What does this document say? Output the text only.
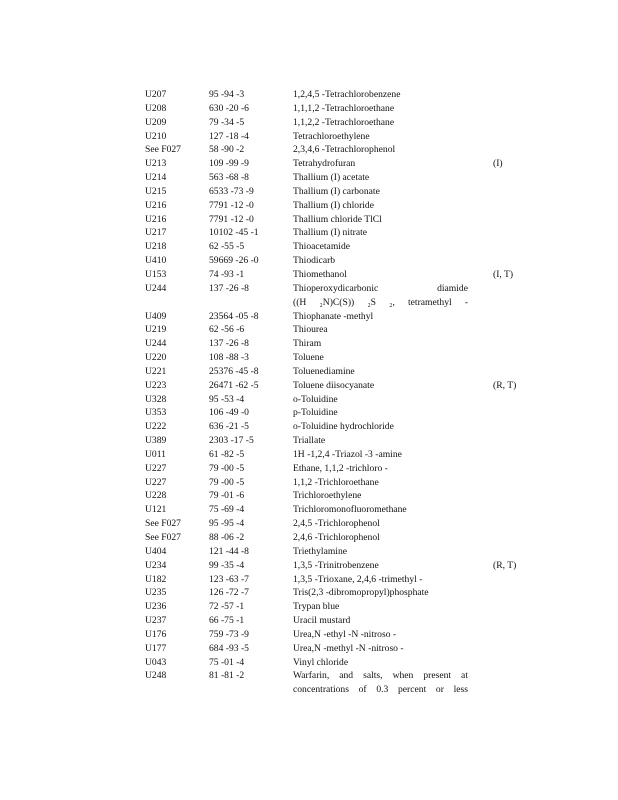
U207	95 -94 -3	1,2,4,5 -Tetrachlorobenzene
U208	630 -20 -6	1,1,1,2 -Tetrachloroethane
U209	79 -34 -5	1,1,2,2 -Tetrachloroethane
U210	127 -18 -4	Tetrachloroethylene
See F027	58 -90 -2	2,3,4,6 -Tetrachlorophenol
U213	109 -99 -9	Tetrahydrofuran	(I)
U214	563 -68 -8	Thallium (I) acetate
U215	6533 -73 -9	Thallium (I) carbonate
U216	7791 -12 -0	Thallium (I) chloride
U216	7791 -12 -0	Thallium chloride TlCl
U217	10102 -45 -1	Thallium (I) nitrate
U218	62 -55 -5	Thioacetamide
U410	59669 -26 -0	Thiodicarb
U153	74 -93 -1	Thiomethanol	(I, T)
U244	137 -26 -8	Thioperoxydicarbonic diamide
((H ₂N)C(S)) ₂S ₂, tetramethyl -
U409	23564 -05 -8	Thiophanate -methyl
U219	62 -56 -6	Thiourea
U244	137 -26 -8	Thiram
U220	108 -88 -3	Toluene
U221	25376 -45 -8	Toluenediamine
U223	26471 -62 -5	Toluene diisocyanate	(R, T)
U328	95 -53 -4	o-Toluidine
U353	106 -49 -0	p-Toluidine
U222	636 -21 -5	o-Toluidine hydrochloride
U389	2303 -17 -5	Triallate
U011	61 -82 -5	1H -1,2,4 -Triazol -3 -amine
U227	79 -00 -5	Ethane, 1,1,2 -trichloro -
U227	79 -00 -5	1,1,2 -Trichloroethane
U228	79 -01 -6	Trichloroethylene
U121	75 -69 -4	Trichloromonofluoromethane
See F027	95 -95 -4	2,4,5 -Trichlorophenol
See F027	88 -06 -2	2,4,6 -Trichlorophenol
U404	121 -44 -8	Triethylamine
U234	99 -35 -4	1,3,5 -Trinitrobenzene	(R, T)
U182	123 -63 -7	1,3,5 -Trioxane, 2,4,6 -trimethyl -
U235	126 -72 -7	Tris(2,3 -dibromopropyl)phosphate
U236	72 -57 -1	Trypan blue
U237	66 -75 -1	Uracil mustard
U176	759 -73 -9	Urea,N -ethyl -N -nitroso -
U177	684 -93 -5	Urea,N -methyl -N -nitroso -
U043	75 -01 -4	Vinyl chloride
U248	81 -81 -2	Warfarin, and salts, when present at
concentrations of 0.3 percent or less
